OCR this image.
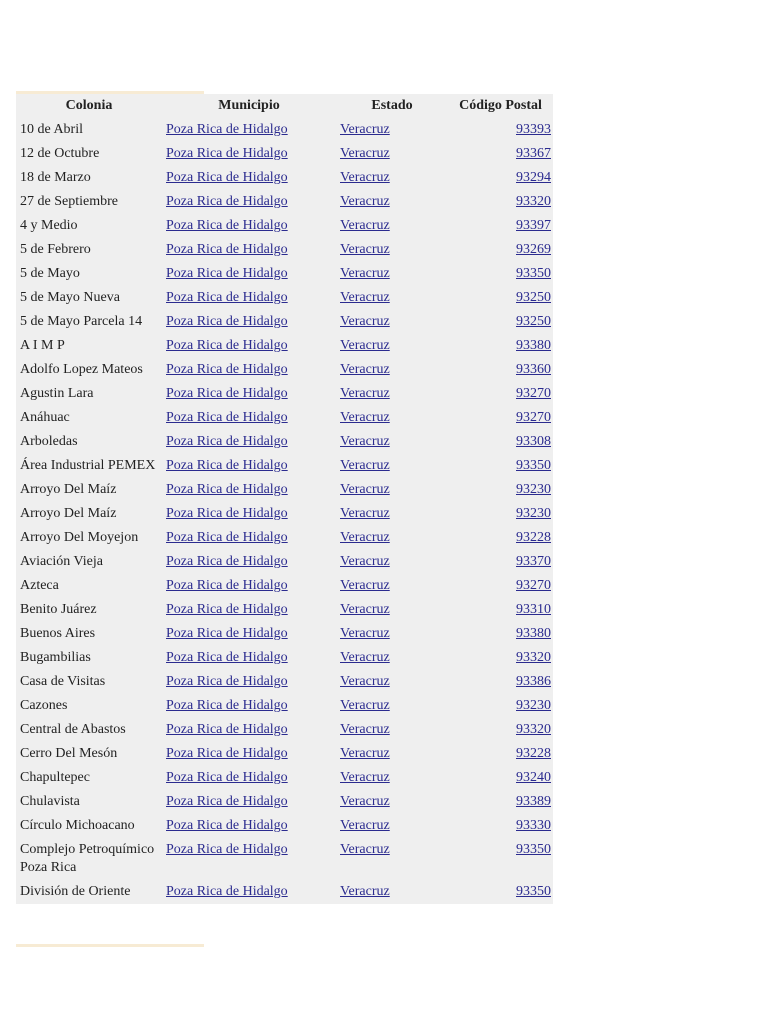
Colonia	Municipio	Estado	Código Postal
10 de Abril	Poza Rica de Hidalgo	Veracruz	93393
12 de Octubre	Poza Rica de Hidalgo	Veracruz	93367
18 de Marzo	Poza Rica de Hidalgo	Veracruz	93294
27 de Septiembre	Poza Rica de Hidalgo	Veracruz	93320
4 y Medio	Poza Rica de Hidalgo	Veracruz	93397
5 de Febrero	Poza Rica de Hidalgo	Veracruz	93269
5 de Mayo	Poza Rica de Hidalgo	Veracruz	93350
5 de Mayo Nueva	Poza Rica de Hidalgo	Veracruz	93250
5 de Mayo Parcela 14	Poza Rica de Hidalgo	Veracruz	93250
A I M P	Poza Rica de Hidalgo	Veracruz	93380
Adolfo Lopez Mateos	Poza Rica de Hidalgo	Veracruz	93360
Agustin Lara	Poza Rica de Hidalgo	Veracruz	93270
Anáhuac	Poza Rica de Hidalgo	Veracruz	93270
Arboledas	Poza Rica de Hidalgo	Veracruz	93308
Área Industrial PEMEX	Poza Rica de Hidalgo	Veracruz	93350
Arroyo Del Maíz	Poza Rica de Hidalgo	Veracruz	93230
Arroyo Del Maíz	Poza Rica de Hidalgo	Veracruz	93230
Arroyo Del Moyejon	Poza Rica de Hidalgo	Veracruz	93228
Aviación Vieja	Poza Rica de Hidalgo	Veracruz	93370
Azteca	Poza Rica de Hidalgo	Veracruz	93270
Benito Juárez	Poza Rica de Hidalgo	Veracruz	93310
Buenos Aires	Poza Rica de Hidalgo	Veracruz	93380
Bugambilias	Poza Rica de Hidalgo	Veracruz	93320
Casa de Visitas	Poza Rica de Hidalgo	Veracruz	93386
Cazones	Poza Rica de Hidalgo	Veracruz	93230
Central de Abastos	Poza Rica de Hidalgo	Veracruz	93320
Cerro Del Mesón	Poza Rica de Hidalgo	Veracruz	93228
Chapultepec	Poza Rica de Hidalgo	Veracruz	93240
Chulavista	Poza Rica de Hidalgo	Veracruz	93389
Círculo Michoacano	Poza Rica de Hidalgo	Veracruz	93330
Complejo Petroquímico Poza Rica	Poza Rica de Hidalgo	Veracruz	93350
División de Oriente	Poza Rica de Hidalgo	Veracruz	93350
